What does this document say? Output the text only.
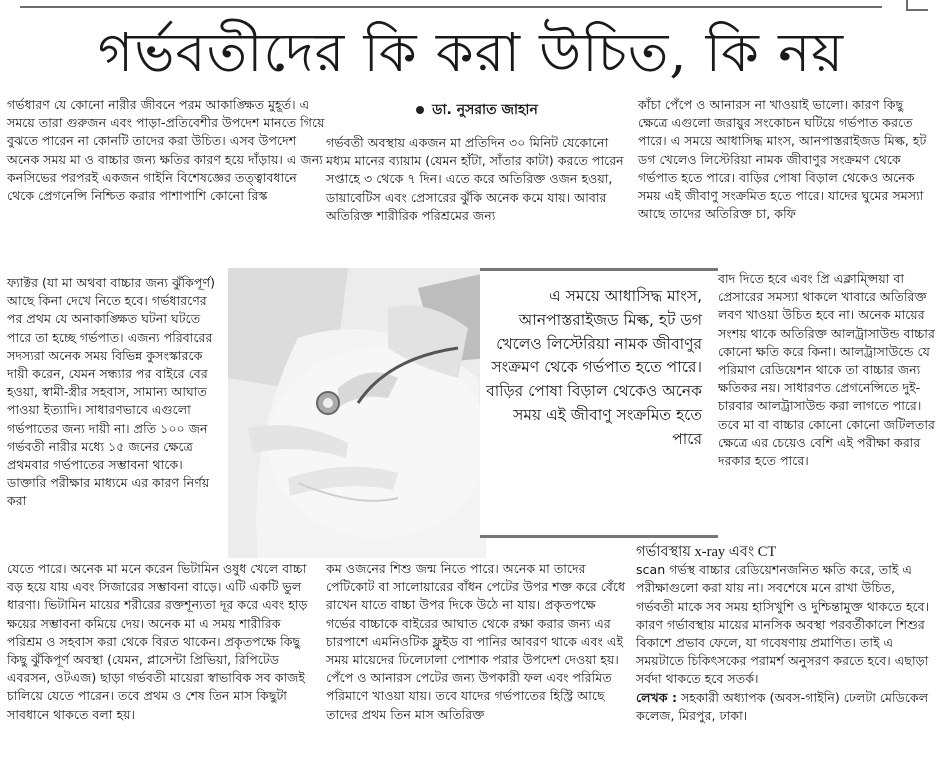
গর্ভবতীদের কি করা উচিত, কি নয়

গর্ভধারণ যে কোনো নারীর জীবনে পরম আকাঙ্ক্ষিত মুহূর্ত। এ সময়ে তারা গুরুজন এবং পাড়া-প্রতিবেশীর উপদেশ মানতে গিয়ে বুঝতে পারেন না কোনটি তাদের করা উচিত। এসব উপদেশ অনেক সময় মা ও বাচ্চার জন্য ক্ষতির কারণ হয়ে দাঁড়ায়। এ জন্য কনসিভের পরপরই একজন গাইনি বিশেষজ্ঞের তত্ত্বাবধানে থেকে প্রেগনেন্সি নিশ্চিত করার পাশাপাশি কোনো রিস্ক

ফ্যাক্টর (যা মা অথবা বাচ্চার জন্য ঝুঁকিপূর্ণ) আছে কিনা দেখে নিতে হবে। গর্ভধারণের পর প্রথম যে অনাকাঙ্ক্ষিত ঘটনা ঘটতে পারে তা হচ্ছে গর্ভপাত। এজন্য পরিবারের সদস্যরা অনেক সময় বিভিন্ন কুসংস্কারকে দায়ী করেন, যেমন সন্ধ্যার পর বাইরে বের হওয়া, স্বামী-স্ত্রীর সহবাস, সামান্য আঘাত পাওয়া ইত্যাদি। সাধারণভাবে এগুলো গর্ভপাতের জন্য দায়ী না। প্রতি ১০০ জন গর্ভবতী নারীর মধ্যে ১৫ জনের ক্ষেত্রে প্রথমবার গর্ভপাতের সম্ভাবনা থাকে। ডাক্তারি পরীক্ষার মাধ্যমে এর কারণ নির্ণয় করা

যেতে পারে। অনেক মা মনে করেন ভিটামিন ওষুধ খেলে বাচ্চা বড় হয়ে যায় এবং সিজারের সম্ভাবনা বাড়ে। এটি একটি ভুল ধারণা। ভিটামিন মায়ের শরীরের রক্তশূন্যতা দূর করে এবং হাড় ক্ষয়ের সম্ভাবনা কমিয়ে দেয়। অনেক মা এ সময় শারীরিক পরিশ্রম ও সহবাস করা থেকে বিরত থাকেন। প্রকৃতপক্ষে কিছু কিছু ঝুঁকিপূর্ণ অবস্থা (যেমন, প্লাসেন্টা প্রিভিয়া, রিপিটেড এবরসন, ওটএজ) ছাড়া গর্ভবতী মায়েরা স্বাভাবিক সব কাজই চালিয়ে যেতে পারেন। তবে প্রথম ও শেষ তিন মাস কিছুটা সাবধানে থাকতে বলা হয়।

ডা. নুসরাত জাহান

গর্ভবতী অবস্থায় একজন মা প্রতিদিন ৩০ মিনিট যেকোনো মধ্যম মানের ব্যায়াম (যেমন হাঁটা, সাঁতার কাটা) করতে পারেন সপ্তাহে ৩ থেকে ৭ দিন। এতে করে অতিরিক্ত ওজন হওয়া, ডায়াবেটিস এবং প্রেসারের ঝুঁকি অনেক কমে যায়। আবার অতিরিক্ত শারীরিক পরিশ্রমের জন্য

কম ওজনের শিশু জন্ম নিতে পারে। অনেক মা তাদের পেটিকোট বা সালোয়ারের বাঁধন পেটের উপর শক্ত করে বেঁধে রাখেন যাতে বাচ্চা উপর দিকে উঠে না যায়। প্রকৃতপক্ষে গর্ভের বাচ্চাকে বাইরের আঘাত থেকে রক্ষা করার জন্য এর চারপাশে এমনিওটিক ফ্লুইড বা পানির আবরণ থাকে এবং এই সময় মায়েদের ঢিলেঢালা পোশাক পরার উপদেশ দেওয়া হয়। পেঁপে ও আনারস পেটের জন্য উপকারী ফল এবং পরিমিত পরিমাণে খাওয়া যায়। তবে যাদের গর্ভপাতের হিস্ট্রি আছে তাদের প্রথম তিন মাস অতিরিক্ত

এ সময়ে আধাসিদ্ধ মাংস, আনপাস্তরাইজড মিল্ক, হট ডগ খেলেও লিস্টেরিয়া নামক জীবাণুর সংক্রমণ থেকে গর্ভপাত হতে পারে। বাড়ির পোষা বিড়াল থেকেও অনেক সময় এই জীবাণু সংক্রমিত হতে পারে

কাঁচা পেঁপে ও আনারস না খাওয়াই ভালো। কারণ কিছু ক্ষেত্রে এগুলো জরায়ুর সংকোচন ঘটিয়ে গর্ভপাত করতে পারে। এ সময়ে আধাসিদ্ধ মাংস, আনপাস্তরাইজড মিল্ক, হট ডগ খেলেও লিস্টেরিয়া নামক জীবাণুর সংক্রমণ থেকে গর্ভপাত হতে পারে। বাড়ির পোষা বিড়াল থেকেও অনেক সময় এই জীবাণু সংক্রমিত হতে পারে। যাদের ঘুমের সমস্যা আছে তাদের অতিরিক্ত চা, কফি

বাদ দিতে হবে এবং প্রি এক্লাম্প্সিয়া বা প্রেসারের সমস্যা থাকলে খাবারে অতিরিক্ত লবণ খাওয়া উচিত হবে না। অনেক মায়ের সংশয় থাকে অতিরিক্ত আলট্রাসাউন্ড বাচ্চার কোনো ক্ষতি করে কিনা। আলট্রাসাউন্ডে যে পরিমাণ রেডিয়েশন থাকে তা বাচ্চার জন্য ক্ষতিকর নয়। সাধারণত প্রেগনেন্সিতে দুই-চারবার আলট্রাসাউন্ড করা লাগতে পারে। তবে মা বা বাচ্চার কোনো কোনো জটিলতার ক্ষেত্রে এর চেয়েও বেশি এই পরীক্ষা করার দরকার হতে পারে।

গর্ভাবস্থায় x-ray এবং CT

scan গর্ভস্থ বাচ্চার রেডিয়েশনজনিত ক্ষতি করে, তাই এ পরীক্ষাগুলো করা যায় না। সবশেষে মনে রাখা উচিত, গর্ভবতী মাকে সব সময় হাসিখুশি ও দুশ্চিন্তামুক্ত থাকতে হবে। কারণ গর্ভাবস্থায় মায়ের মানসিক অবস্থা পরবর্তীকালে শিশুর বিকাশে প্রভাব ফেলে, যা গবেষণায় প্রমাণিত। তাই এ সময়টাতে চিকিৎসকের পরামর্শ অনুসরণ করতে হবে। এছাড়া সর্বদা থাকতে হবে সতর্ক।

লেখক : সহকারী অধ্যাপক (অবস-গাইনি) ঢেলটা মেডিকেল কলেজ, মিরপুর, ঢাকা।
